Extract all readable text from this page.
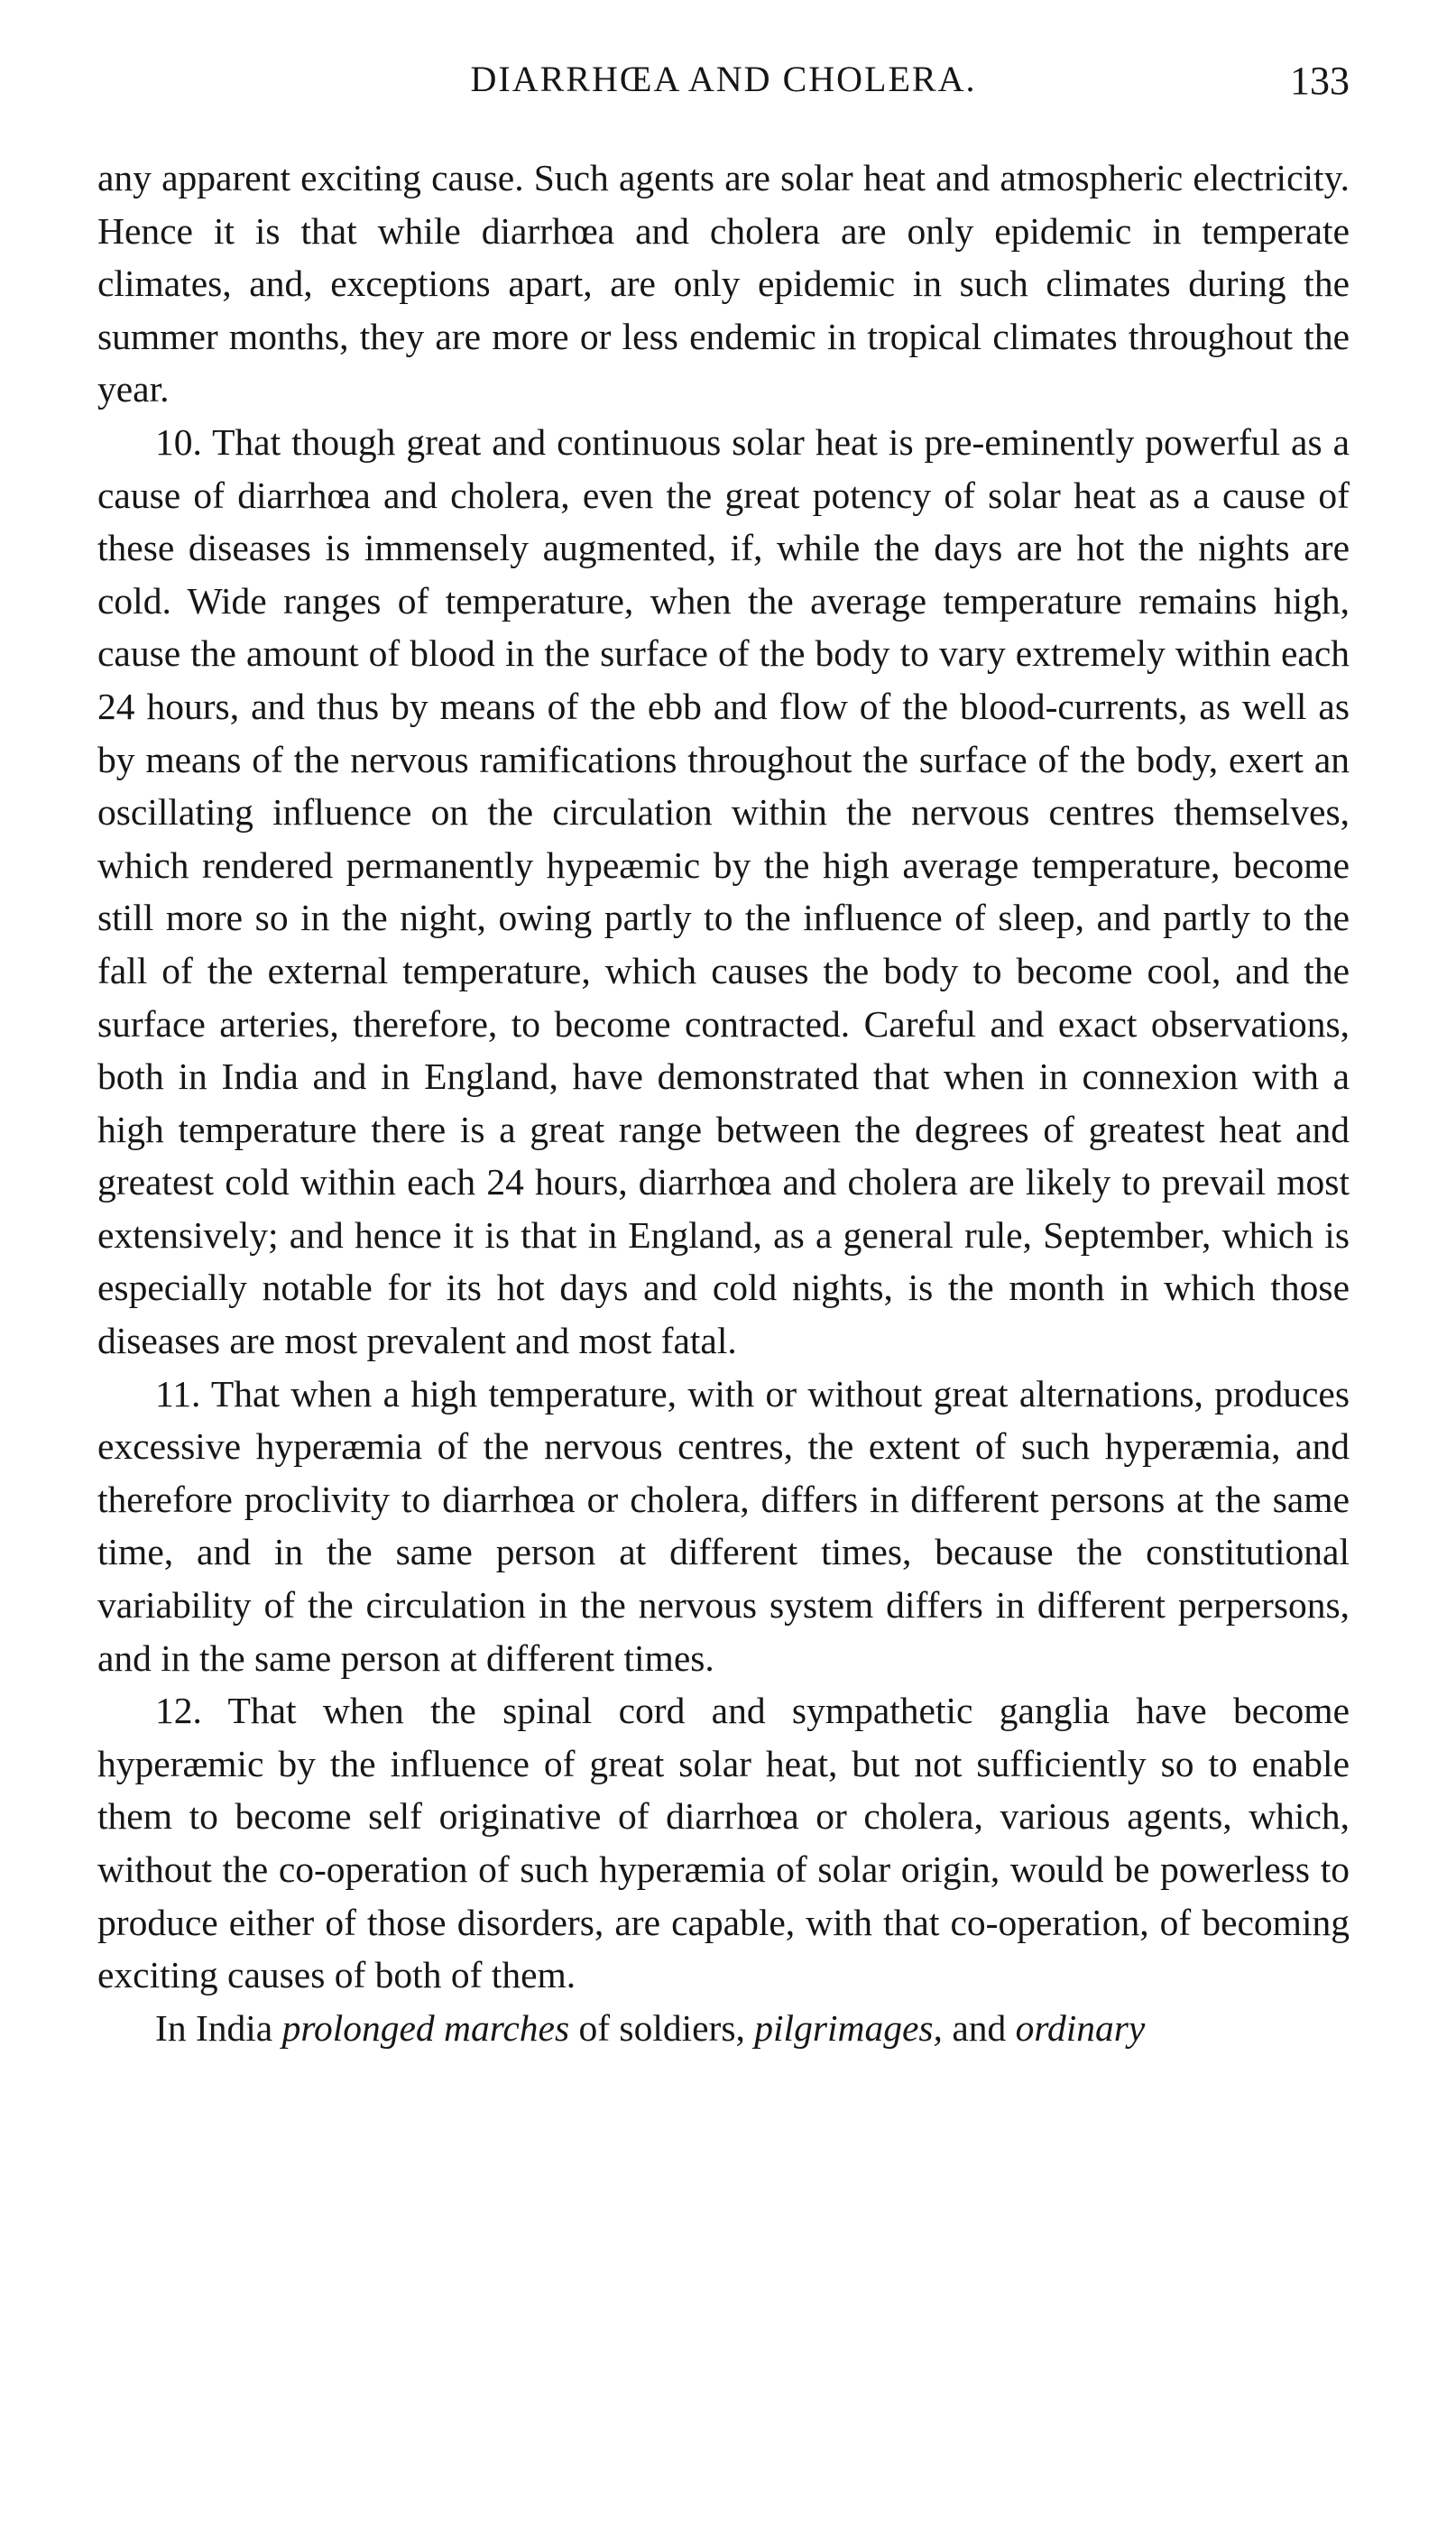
DIARRHŒA AND CHOLERA.	133

any apparent exciting cause. Such agents are solar heat and atmospheric electricity. Hence it is that while diarrhœa and cholera are only epidemic in temperate climates, and, exceptions apart, are only epidemic in such climates during the summer months, they are more or less endemic in tropical climates throughout the year.

10. That though great and continuous solar heat is pre-eminently powerful as a cause of diarrhœa and cholera, even the great potency of solar heat as a cause of these diseases is immensely augmented, if, while the days are hot the nights are cold. Wide ranges of temperature, when the average temperature remains high, cause the amount of blood in the surface of the body to vary extremely within each 24 hours, and thus by means of the ebb and flow of the blood-currents, as well as by means of the nervous ramifications throughout the surface of the body, exert an oscillating influence on the circulation within the nervous centres themselves, which rendered permanently hypeæmic by the high average temperature, become still more so in the night, owing partly to the influence of sleep, and partly to the fall of the external temperature, which causes the body to become cool, and the surface arteries, therefore, to become contracted. Careful and exact observations, both in India and in England, have demonstrated that when in connexion with a high temperature there is a great range between the degrees of greatest heat and greatest cold within each 24 hours, diarrhœa and cholera are likely to prevail most extensively; and hence it is that in England, as a general rule, September, which is especially notable for its hot days and cold nights, is the month in which those diseases are most prevalent and most fatal.

11. That when a high temperature, with or without great alternations, produces excessive hyperæmia of the nervous centres, the extent of such hyperæmia, and therefore proclivity to diarrhœa or cholera, differs in different persons at the same time, and in the same person at different times, because the constitutional variability of the circulation in the nervous system differs in different perpersons, and in the same person at different times.

12. That when the spinal cord and sympathetic ganglia have become hyperæmic by the influence of great solar heat, but not sufficiently so to enable them to become self originative of diarrhœa or cholera, various agents, which, without the co-operation of such hyperæmia of solar origin, would be powerless to produce either of those disorders, are capable, with that co-operation, of becoming exciting causes of both of them.

In India prolonged marches of soldiers, pilgrimages, and ordinary
